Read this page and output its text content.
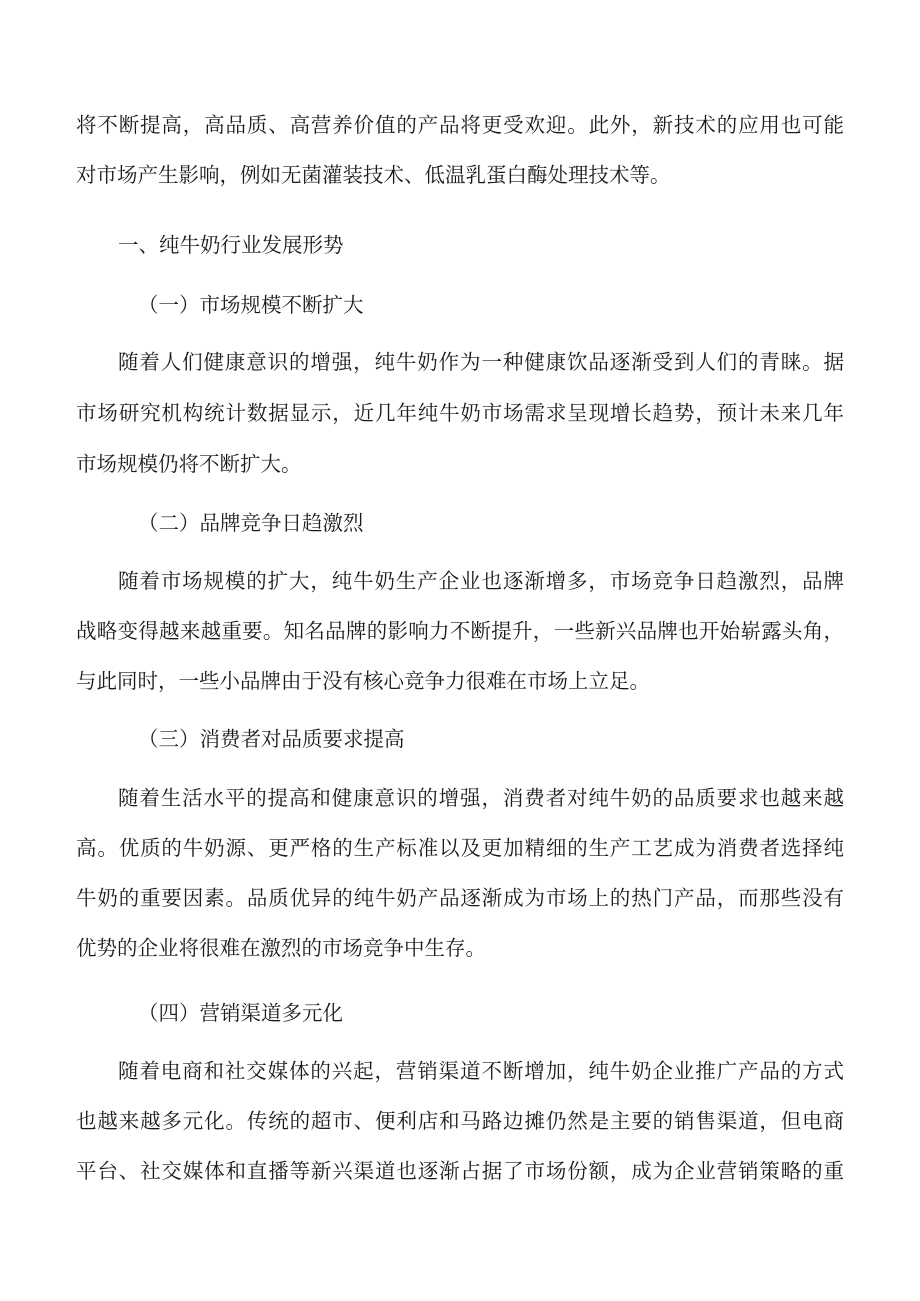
将不断提高，高品质、高营养价值的产品将更受欢迎。此外，新技术的应用也可能
对市场产生影响，例如无菌灌装技术、低温乳蛋白酶处理技术等。
一、纯牛奶行业发展形势
（一）市场规模不断扩大
随着人们健康意识的增强，纯牛奶作为一种健康饮品逐渐受到人们的青睐。据
市场研究机构统计数据显示，近几年纯牛奶市场需求呈现增长趋势，预计未来几年
市场规模仍将不断扩大。
（二）品牌竞争日趋激烈
随着市场规模的扩大，纯牛奶生产企业也逐渐增多，市场竞争日趋激烈，品牌
战略变得越来越重要。知名品牌的影响力不断提升，一些新兴品牌也开始崭露头角，
与此同时，一些小品牌由于没有核心竞争力很难在市场上立足。
（三）消费者对品质要求提高
随着生活水平的提高和健康意识的增强，消费者对纯牛奶的品质要求也越来越
高。优质的牛奶源、更严格的生产标准以及更加精细的生产工艺成为消费者选择纯
牛奶的重要因素。品质优异的纯牛奶产品逐渐成为市场上的热门产品，而那些没有
优势的企业将很难在激烈的市场竞争中生存。
（四）营销渠道多元化
随着电商和社交媒体的兴起，营销渠道不断增加，纯牛奶企业推广产品的方式
也越来越多元化。传统的超市、便利店和马路边摊仍然是主要的销售渠道，但电商
平台、社交媒体和直播等新兴渠道也逐渐占据了市场份额，成为企业营销策略的重
